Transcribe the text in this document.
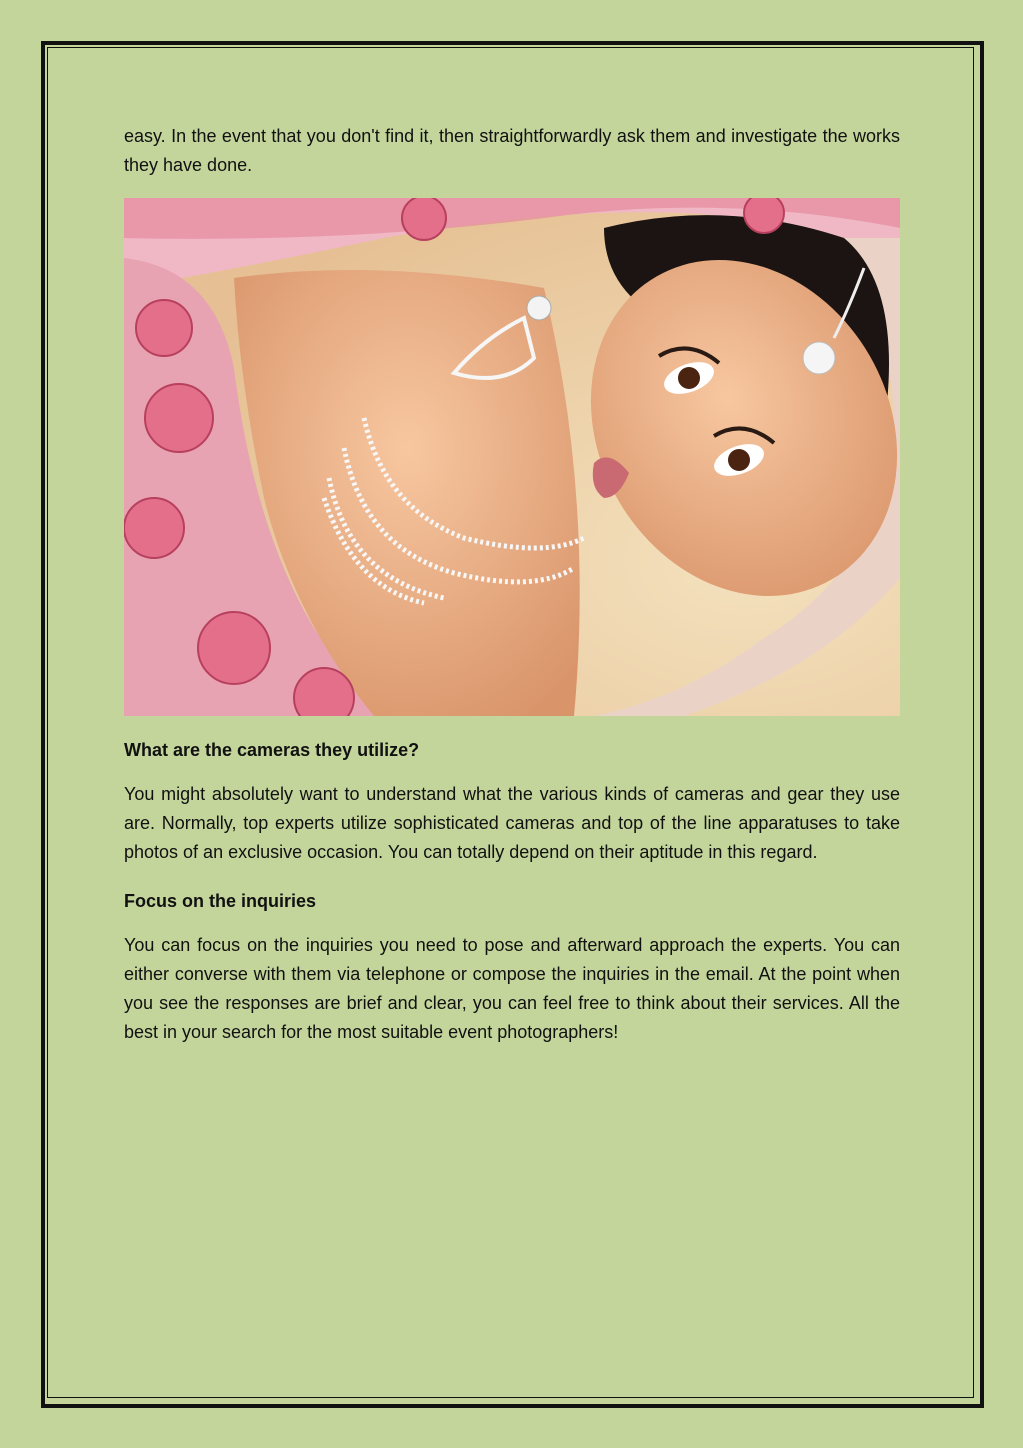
easy. In the event that you don't find it, then straightforwardly ask them and investigate the works they have done.

What are the cameras they utilize?

You might absolutely want to understand what the various kinds of cameras and gear they use are. Normally, top experts utilize sophisticated cameras and top of the line apparatuses to take photos of an exclusive occasion. You can totally depend on their aptitude in this regard.

Focus on the inquiries

You can focus on the inquiries you need to pose and afterward approach the experts. You can either converse with them via telephone or compose the inquiries in the email. At the point when you see the responses are brief and clear, you can feel free to think about their services. All the best in your search for the most suitable event photographers!
